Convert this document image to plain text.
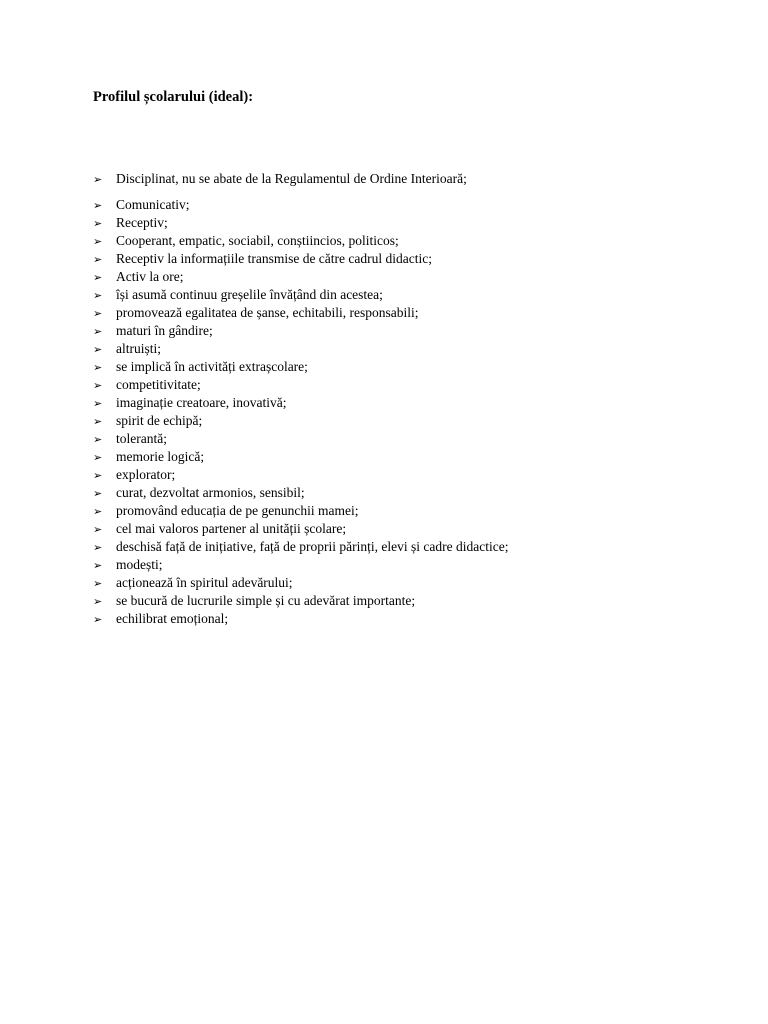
Profilul școlarului (ideal):
➢	Disciplinat, nu se abate de la Regulamentul de Ordine Interioară;
➢	Comunicativ;
➢	Receptiv;
➢	Cooperant, empatic, sociabil, conștiincios, politicos;
➢	Receptiv la informațiile transmise de către cadrul didactic;
➢	Activ la ore;
➢	își asumă continuu greșelile învățând din acestea;
➢	promovează egalitatea de șanse, echitabili, responsabili;
➢	maturi în gândire;
➢	altruiști;
➢	se implică în activități extrașcolare;
➢	competitivitate;
➢	imaginație creatoare, inovativă;
➢	spirit de echipă;
➢	tolerantă;
➢	memorie logică;
➢	explorator;
➢	curat, dezvoltat armonios, sensibil;
➢	promovând educația de pe genunchii mamei;
➢	cel mai valoros partener al unității școlare;
➢	deschisă față de inițiative, față de proprii părinți, elevi și cadre didactice;
➢	modești;
➢	acționează în spiritul adevărului;
➢	se bucură de lucrurile simple și cu adevărat importante;
➢	echilibrat emoțional;
